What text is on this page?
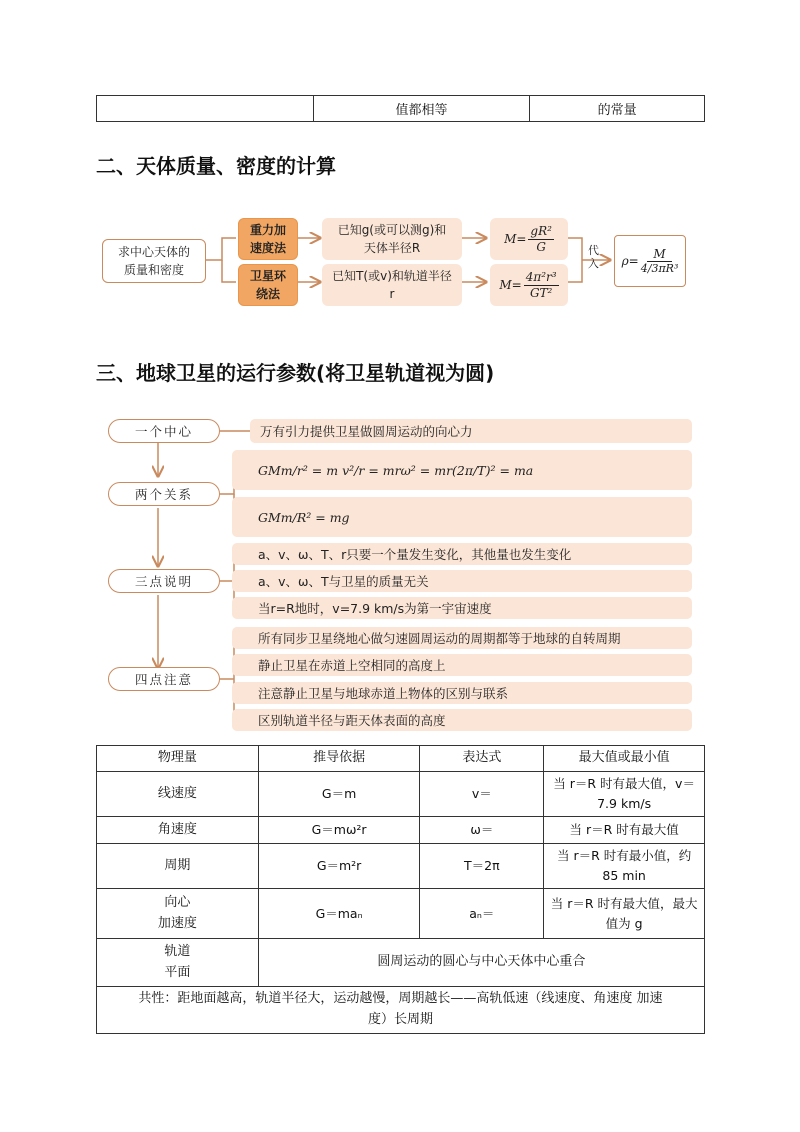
	值都相等	的常量
二、天体质量、密度的计算
求中心天体的质量和密度
重力加速度法
卫星环绕法
已知g(或可以测g)和天体半径R
已知T(或v)和轨道半径r
$M= \frac{\text{gR²}}{G}$
$M= \frac{\text{4π²r³}}{\text{GT²}}$
代入	$\rho= \frac{M}{\text{4/3πR³}}$
三、地球卫星的运行参数(将卫星轨道视为圆)
一个中心
两个关系
三点说明
四点注意
万有引力提供卫星做圆周运动的向心力
GMm/r² = m v²/r = mrω² = mr(2π/T)² = ma
GMm/R² = mg
a、v、ω、T、r只要一个量发生变化，其他量也发生变化
a、v、ω、T与卫星的质量无关
当r=R地时，v=7.9 km/s为第一宇宙速度
所有同步卫星绕地心做匀速圆周运动的周期都等于地球的自转周期
静止卫星在赤道上空相同的高度上
注意静止卫星与地球赤道上物体的区别与联系
区别轨道半径与距天体表面的高度
物理量	推导依据	表达式	最大值或最小值
线速度	G＝m	v＝	当 r＝R 时有最大值，v＝7.9 km/s
角速度	G＝mω²r	ω＝	当 r＝R 时有最大值
周期	G＝m²r	T＝2π	当 r＝R 时有最小值，约 85 min

向心
加速度	G＝maₙ	aₙ＝	当 r＝R 时有最大值，最大值为 g

轨道
平面	圆周运动的圆心与中心天体中心重合		
共性：距地面越高，轨道半径大，运动越慢，周期越长——高轨低速（线速度、角速度 加速度）长周期			
